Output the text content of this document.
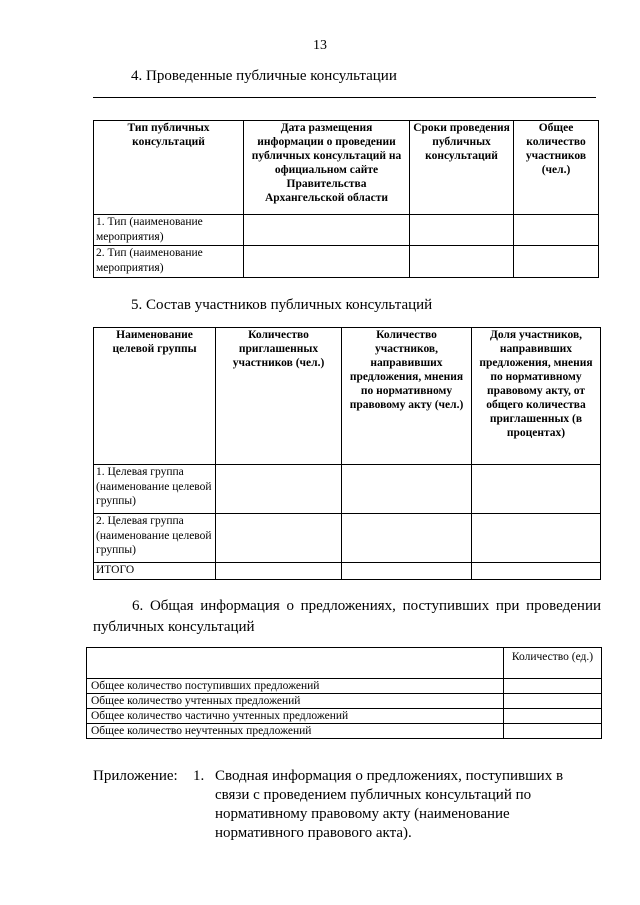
13
4. Проведенные публичные консультации
Тип публичных консультаций	Дата размещения информации о проведении публичных консультаций на официальном сайте Правительства Архангельской области	Сроки проведения публичных консультаций	Общее количество участников (чел.)
1. Тип (наименование мероприятия)			
2. Тип (наименование мероприятия)			
5. Состав участников публичных консультаций
Наименование целевой группы	Количество приглашенных участников (чел.)	Количество участников, направивших предложения, мнения по нормативному правовому акту (чел.)	Доля участников, направивших предложения, мнения по нормативному правовому акту, от общего количества приглашенных (в процентах)
1. Целевая группа (наименование целевой группы)			
2. Целевая группа (наименование целевой группы)			
ИТОГО			
6. Общая информация о предложениях, поступивших при проведении публичных консультаций
	Количество (ед.)
Общее количество поступивших предложений	
Общее количество учтенных предложений	
Общее количество частично учтенных предложений	
Общее количество неучтенных предложений	
Приложение: 1. Сводная информация о предложениях, поступивших в связи с проведением публичных консультаций по нормативному правовому акту (наименование нормативного правового акта).
